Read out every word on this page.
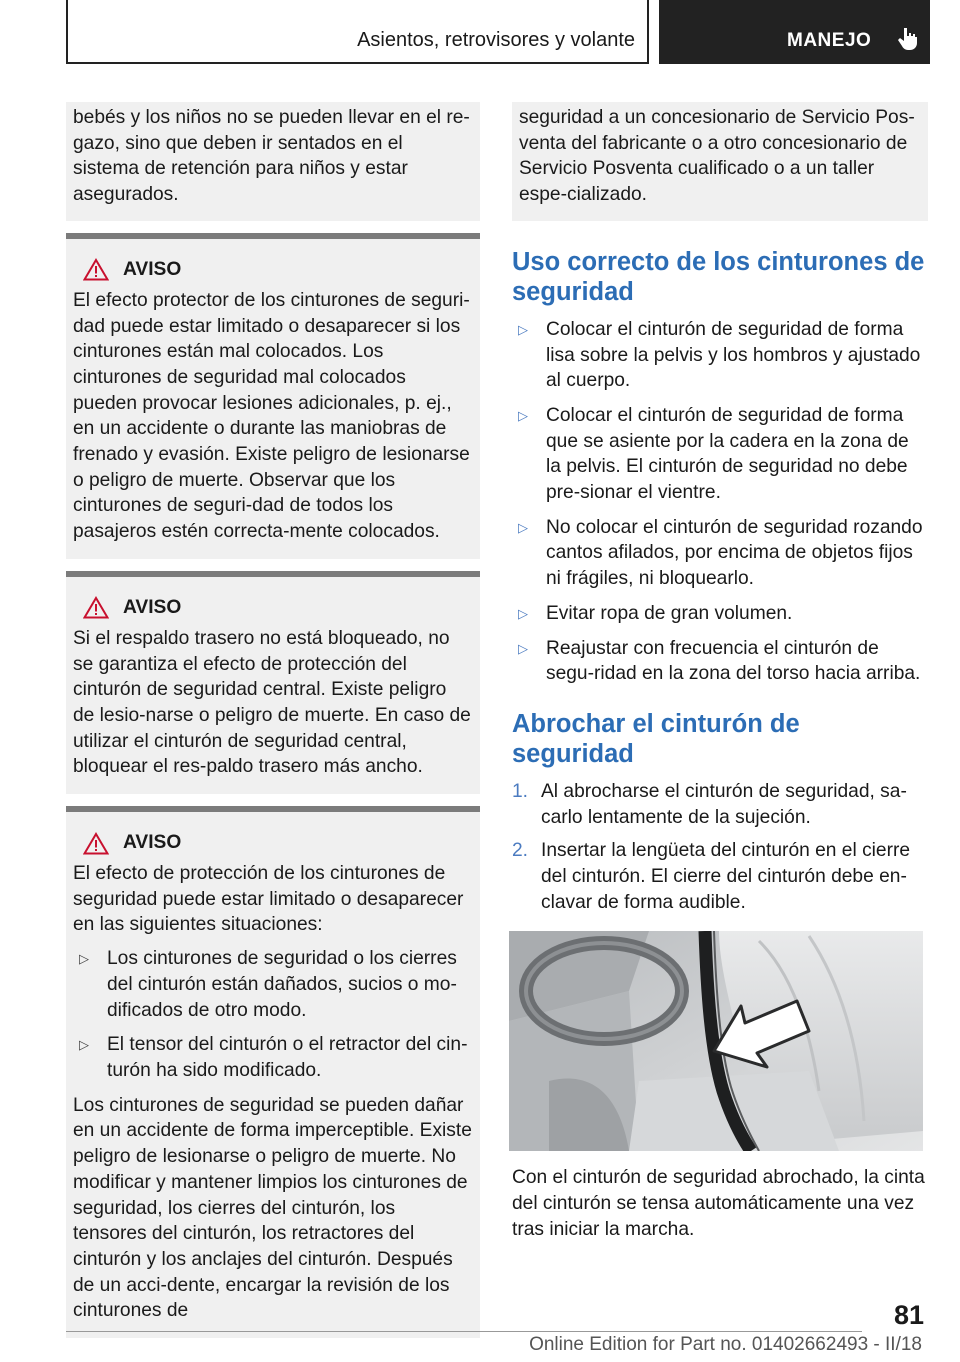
Asientos, retrovisores y volante	MANEJO

bebés y los niños no se pueden llevar en el re-gazo, sino que deben ir sentados en el sistema de retención para niños y estar asegurados.

AVISO

El efecto protector de los cinturones de seguri-dad puede estar limitado o desaparecer si los cinturones están mal colocados. Los cinturones de seguridad mal colocados pueden provocar lesiones adicionales, p. ej., en un accidente o durante las maniobras de frenado y evasión. Existe peligro de lesionarse o peligro de muerte. Observar que los cinturones de seguri-dad de todos los pasajeros estén correcta-mente colocados.

AVISO

Si el respaldo trasero no está bloqueado, no se garantiza el efecto de protección del cinturón de seguridad central. Existe peligro de lesio-narse o peligro de muerte. En caso de utilizar el cinturón de seguridad central, bloquear el res-paldo trasero más ancho.

AVISO

El efecto de protección de los cinturones de seguridad puede estar limitado o desaparecer en las siguientes situaciones:

▷ Los cinturones de seguridad o los cierres del cinturón están dañados, sucios o mo-dificados de otro modo.
▷ El tensor del cinturón o el retractor del cin-turón ha sido modificado.

Los cinturones de seguridad se pueden dañar en un accidente de forma imperceptible. Existe peligro de lesionarse o peligro de muerte. No modificar y mantener limpios los cinturones de seguridad, los cierres del cinturón, los tensores del cinturón, los retractores del cinturón y los anclajes del cinturón. Después de un acci-dente, encargar la revisión de los cinturones de

seguridad a un concesionario de Servicio Pos-venta del fabricante o a otro concesionario de Servicio Posventa cualificado o a un taller espe-cializado.

Uso correcto de los cinturones de seguridad
▷ Colocar el cinturón de seguridad de forma lisa sobre la pelvis y los hombros y ajustado al cuerpo.
▷ Colocar el cinturón de seguridad de forma que se asiente por la cadera en la zona de la pelvis. El cinturón de seguridad no debe pre-sionar el vientre.
▷ No colocar el cinturón de seguridad rozando cantos afilados, por encima de objetos fijos ni frágiles, ni bloquearlo.
▷ Evitar ropa de gran volumen.
▷ Reajustar con frecuencia el cinturón de segu-ridad en la zona del torso hacia arriba.
Abrochar el cinturón de seguridad
1. Al abrocharse el cinturón de seguridad, sa-carlo lentamente de la sujeción.
2. Insertar la lengüeta del cinturón en el cierre del cinturón. El cierre del cinturón debe en-clavar de forma audible.

Con el cinturón de seguridad abrochado, la cinta del cinturón se tensa automáticamente una vez tras iniciar la marcha.

81
Online Edition for Part no. 01402662493 - II/18
